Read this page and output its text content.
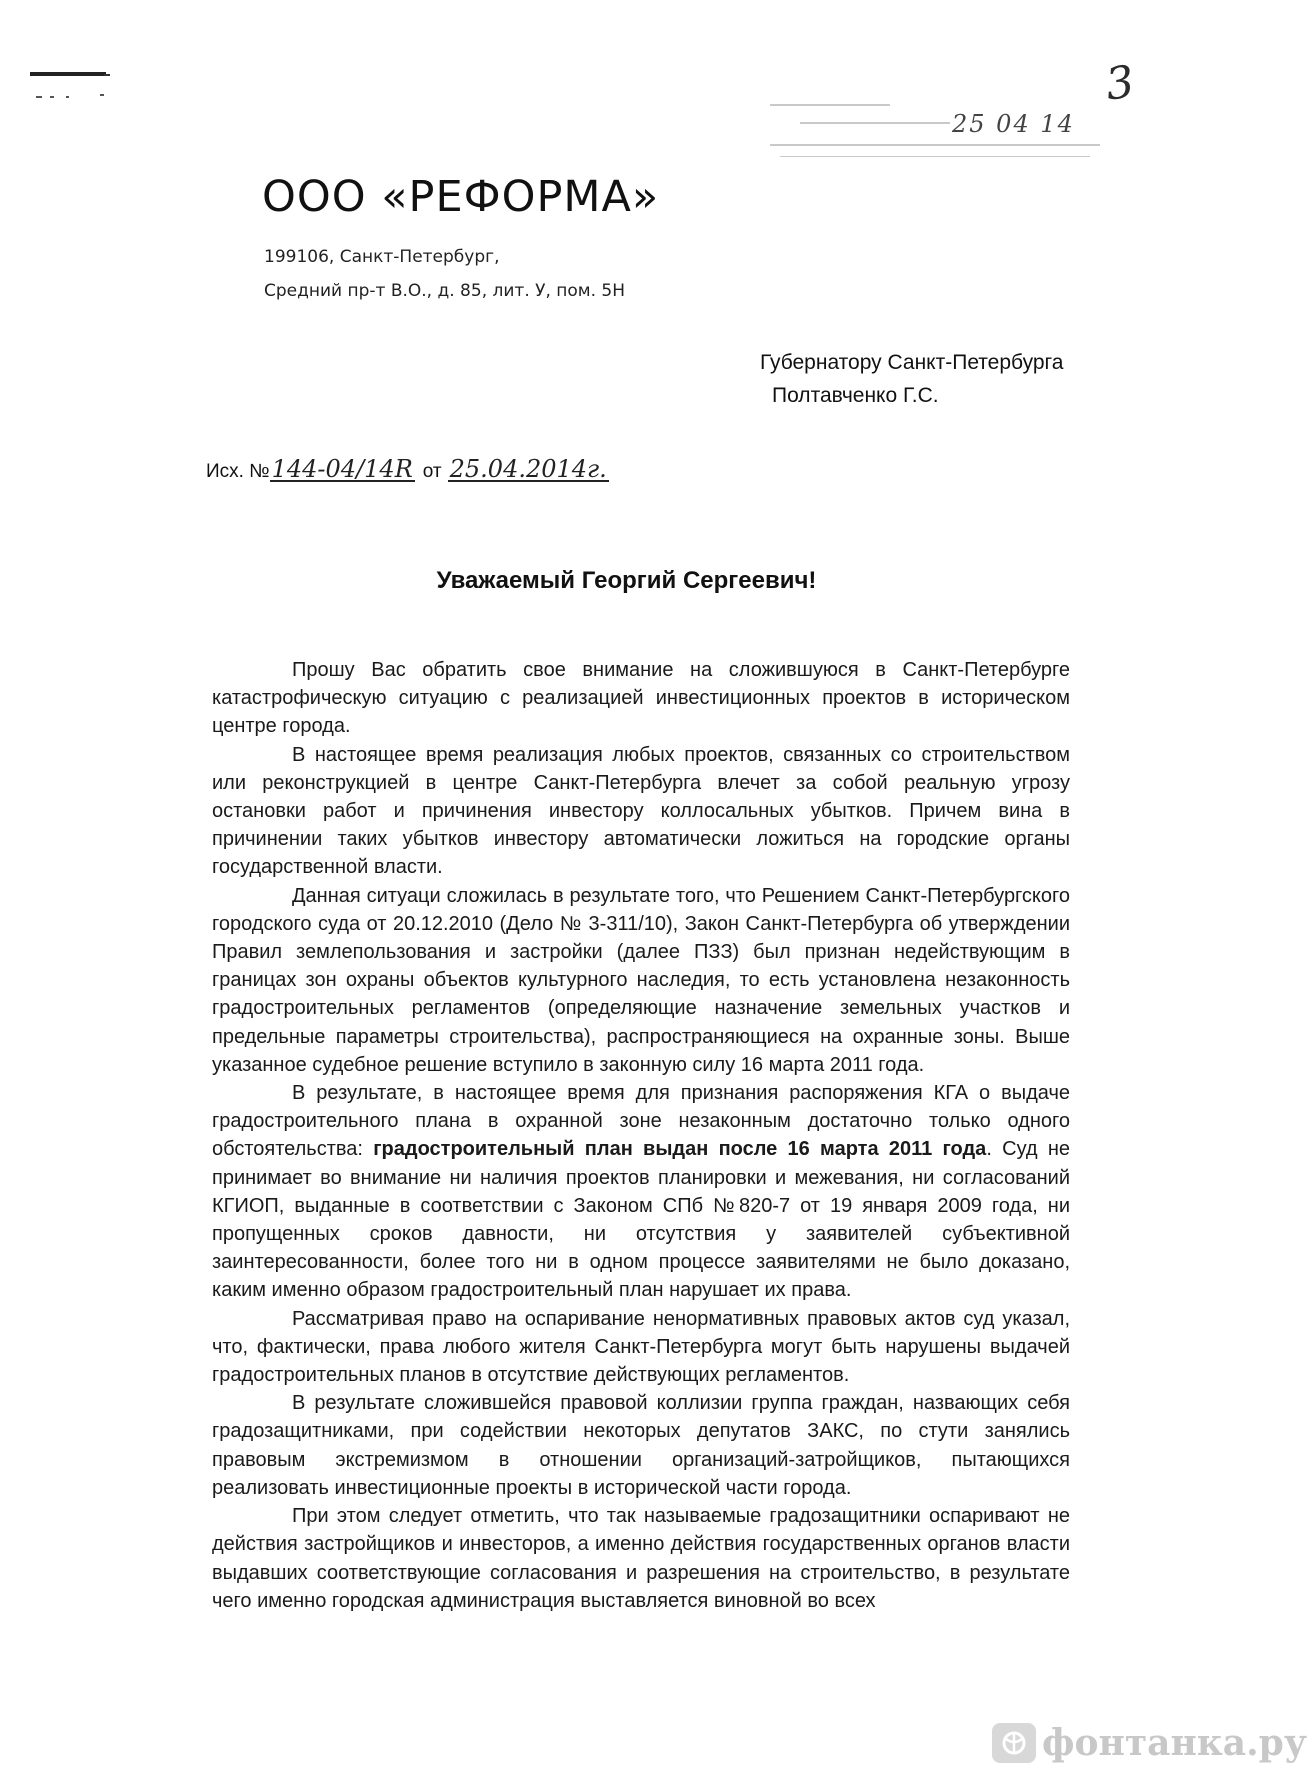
3
25 04 14
ООО «РЕФОРМА»
199106, Санкт-Петербург,
Средний пр-т В.О., д. 85, лит. У, пом. 5Н
Губернатору Санкт-Петербурга
Полтавченко Г.С.
Исх. №144-04/14R от 25.04.2014г.
Уважаемый Георгий Сергеевич!

Прошу Вас обратить свое внимание на сложившуюся в Санкт-Петербурге катастрофическую ситуацию с реализацией инвестиционных проектов в историческом центре города.

В настоящее время реализация любых проектов, связанных со строительством или реконструкцией в центре Санкт-Петербурга влечет за собой реальную угрозу остановки работ и причинения инвестору коллосальных убытков. Причем вина в причинении таких убытков инвестору автоматически ложиться на городские органы государственной власти.

Данная ситуаци сложилась в результате того, что Решением Санкт-Петербургского городского суда от 20.12.2010 (Дело № 3-311/10), Закон Санкт-Петербурга об утверждении Правил землепользования и застройки (далее ПЗЗ) был признан недействующим в границах зон охраны объектов культурного наследия, то есть установлена незаконность градостроительных регламентов (определяющие назначение земельных участков и предельные параметры строительства), распространяющиеся на охранные зоны. Выше указанное судебное решение вступило в законную силу 16 марта 2011 года.

В результате, в настоящее время для признания распоряжения КГА о выдаче градостроительного плана в охранной зоне незаконным достаточно только одного обстоятельства: градостроительный план выдан после 16 марта 2011 года. Суд не принимает во внимание ни наличия проектов планировки и межевания, ни согласований КГИОП, выданные в соответствии с Законом СПб №820-7 от 19 января 2009 года, ни пропущенных сроков давности, ни отсутствия у заявителей субъективной заинтересованности, более того ни в одном процессе заявителями не было доказано, каким именно образом градостроительный план нарушает их права.

Рассматривая право на оспаривание ненормативных правовых актов суд указал, что, фактически, права любого жителя Санкт-Петербурга могут быть нарушены выдачей градостроительных планов в отсутствие действующих регламентов.

В результате сложившейся правовой коллизии группа граждан, назвающих себя градозащитниками, при содействии некоторых депутатов ЗАКС, по стути занялись правовым экстремизмом в отношении организаций-затройщиков, пытающихся реализовать инвестиционные проекты в исторической части города.

При этом следует отметить, что так называемые градозащитники оспаривают не действия застройщиков и инвесторов, а именно действия государственных органов власти выдавших соответствующие согласования и разрешения на строительство, в результате чего именно городская администрация выставляется виновной во всех

фонтанка.ру
